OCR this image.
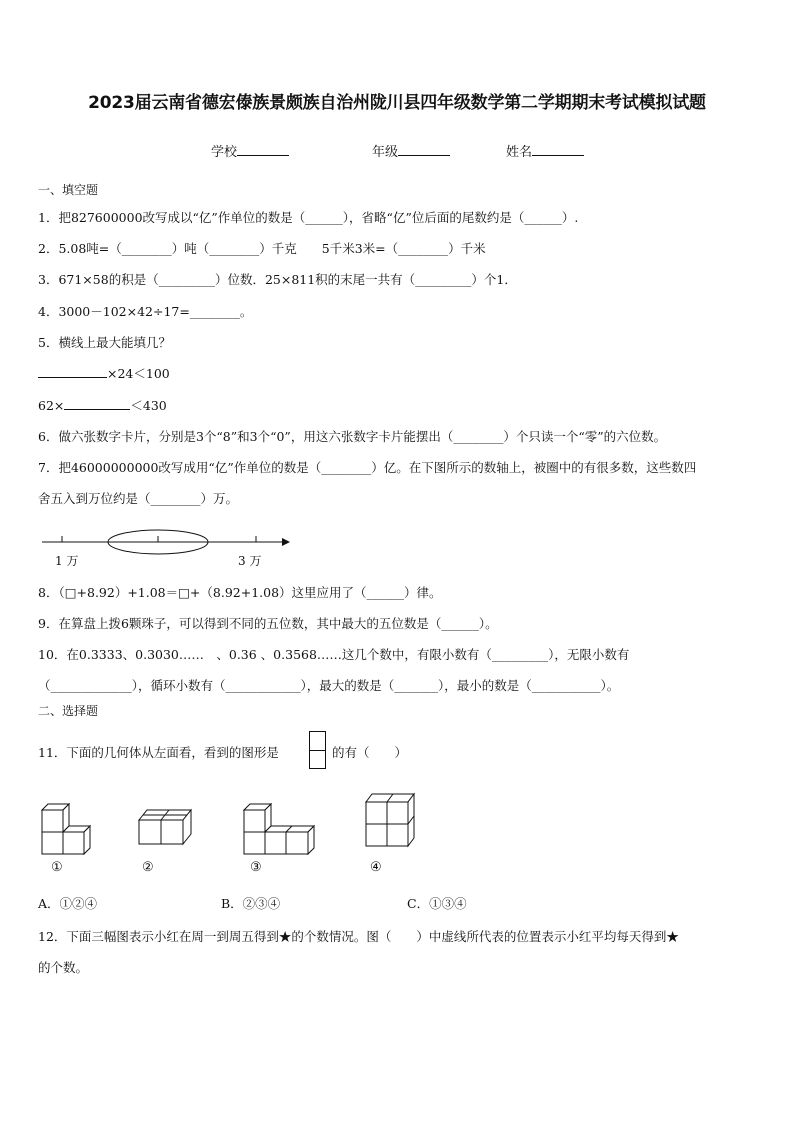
2023届云南省德宏傣族景颇族自治州陇川县四年级数学第二学期期末考试模拟试题
学校	年级	姓名
一、填空题
1．把827600000改写成以“亿”作单位的数是（______），省略“亿”位后面的尾数约是（______）.
2．5.08吨=（________）吨（________）千克　　5千米3米=（________）千米
3．671×58的积是（_________）位数．25×811积的末尾一共有（_________）个1．
4．3000－102×42÷17=________。
5．横线上最大能填几？
×24＜100
62×	＜430
6．做六张数字卡片，分别是3个“8”和3个“0”，用这六张数字卡片能摆出（________）个只读一个“零”的六位数。
7．把46000000000改写成用“亿”作单位的数是（________）亿。在下图所示的数轴上，被圈中的有很多数，这些数四
舍五入到万位约是（________）万。
1 万	3 万
8．（□+8.92）+1.08＝□+（8.92+1.08）这里应用了（______）律。
9．在算盘上拨6颗珠子，可以得到不同的五位数，其中最大的五位数是（______）。
10．在0.3333、0.3030……　、0.36 、0.3568……这几个数中，有限小数有（_________），无限小数有
（_____________），循环小数有（____________），最大的数是（_______），最小的数是（___________）。
二、选择题
11．下面的几何体从左面看，看到的图形是	的有（　　）
①	②	③	④
A．①②④	B．②③④	C．①③④
12．下面三幅图表示小红在周一到周五得到★的个数情况。图（　　）中虚线所代表的位置表示小红平均每天得到★
的个数。
